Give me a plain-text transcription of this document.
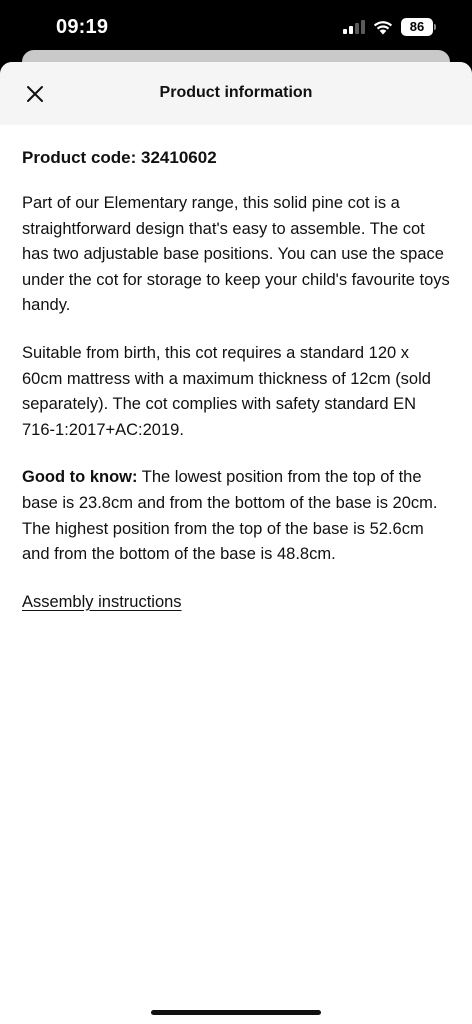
09:19	86
Product information

Product code: 32410602

Part of our Elementary range, this solid pine cot is a straightforward design that's easy to assemble. The cot has two adjustable base positions. You can use the space under the cot for storage to keep your child's favourite toys handy.

Suitable from birth, this cot requires a standard 120 x 60cm mattress with a maximum thickness of 12cm (sold separately). The cot complies with safety standard EN 716-1:2017+AC:2019.

Good to know: The lowest position from the top of the base is 23.8cm and from the bottom of the base is 20cm. The highest position from the top of the base is 52.6cm and from the bottom of the base is 48.8cm.

Assembly instructions
